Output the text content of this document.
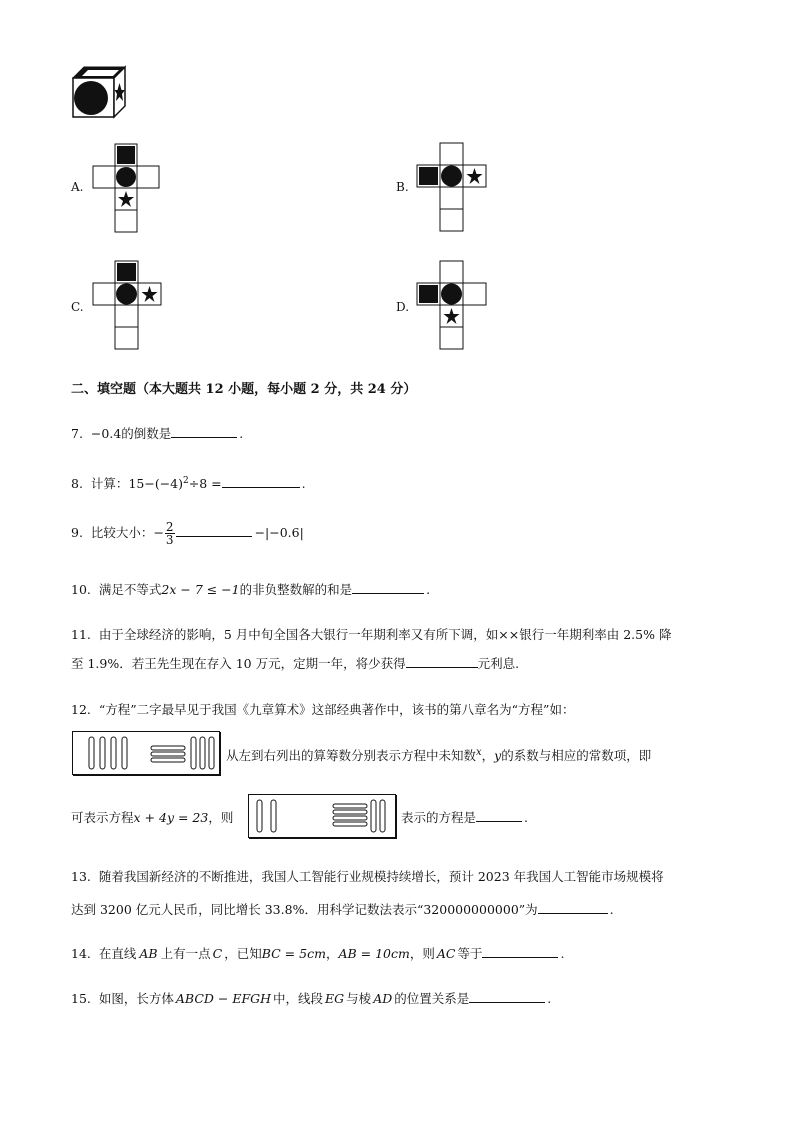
A.	B.
C.	D.
二、填空题（本大题共 12 小题，每小题 2 分，共 24 分）
7. −0.4的倒数是	.
8. 计算：$15-(-4)^2\div 8$ =	.
9. 比较大小：− $\frac{2}{3}$	−|−0.6|
10. 满足不等式2x − 7 ≤ −1的非负整数解的和是	.
11. 由于全球经济的影响，5 月中旬全国各大银行一年期利率又有所下调，如××银行一年期利率由 2.5% 降
至 1.9%．若王先生现在存入 10 万元，定期一年，将少获得	元利息.
12. “方程”二字最早见于我国《九章算术》这部经典著作中，该书的第八章名为“方程”如：
从左到右列出的算筹数分别表示方程中未知数$^x$，y的系数与相应的常数项，即
可表示方程x + 4y = 23，则	表示的方程是	.
13. 随着我国新经济的不断推进，我国人工智能行业规模持续增长，预计 2023 年我国人工智能市场规模将
达到 3200 亿元人民币，同比增长 33.8%．用科学记数法表示“320000000000”为	.
14. 在直线 AB 上有一点 C ，已知BC = 5cm，AB = 10cm，则 AC 等于	.
15. 如图，长方体 ABCD − EFGH 中，线段 EG 与棱 AD 的位置关系是	.
